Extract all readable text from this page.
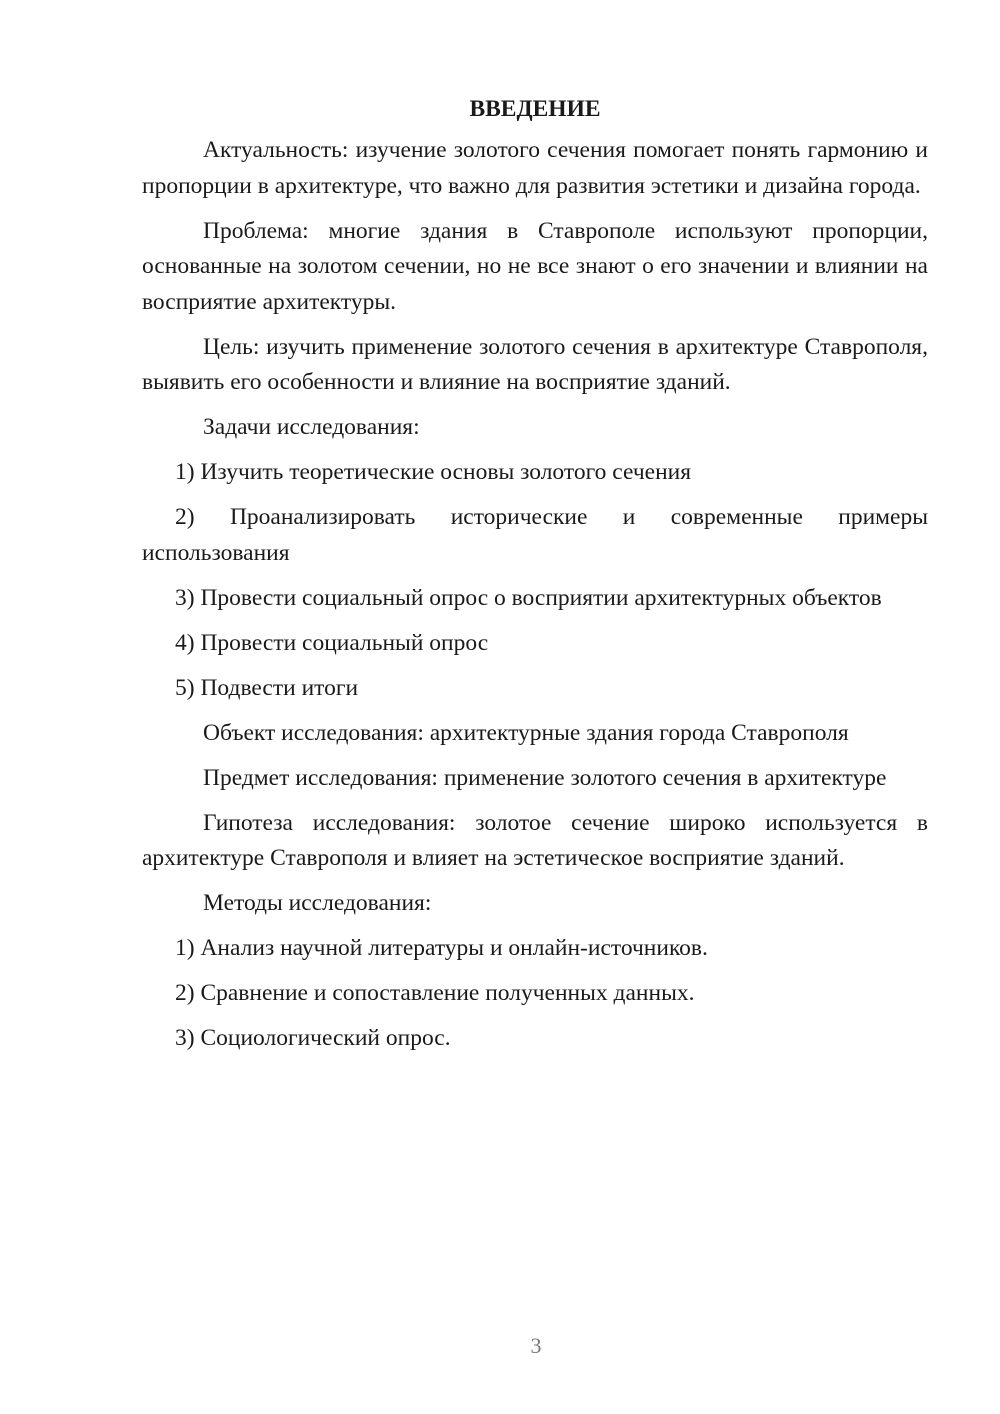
ВВЕДЕНИЕ

Актуальность: изучение золотого сечения помогает понять гармонию и пропорции в архитектуре, что важно для развития эстетики и дизайна города.

Проблема: многие здания в Ставрополе используют пропорции, основанные на золотом сечении, но не все знают о его значении и влиянии на восприятие архитектуры.

Цель: изучить применение золотого сечения в архитектуре Ставрополя, выявить его особенности и влияние на восприятие зданий.

Задачи исследования:

1) Изучить теоретические основы золотого сечения

2) Проанализировать исторические и современные примеры использования

3) Провести социальный опрос о восприятии архитектурных объектов

4) Провести социальный опрос

5) Подвести итоги

Объект исследования: архитектурные здания города Ставрополя

Предмет исследования: применение золотого сечения в архитектуре

Гипотеза исследования: золотое сечение широко используется в архитектуре Ставрополя и влияет на эстетическое восприятие зданий.

Методы исследования:

1) Анализ научной литературы и онлайн-источников.

2) Сравнение и сопоставление полученных данных.

3) Социологический опрос.

3
